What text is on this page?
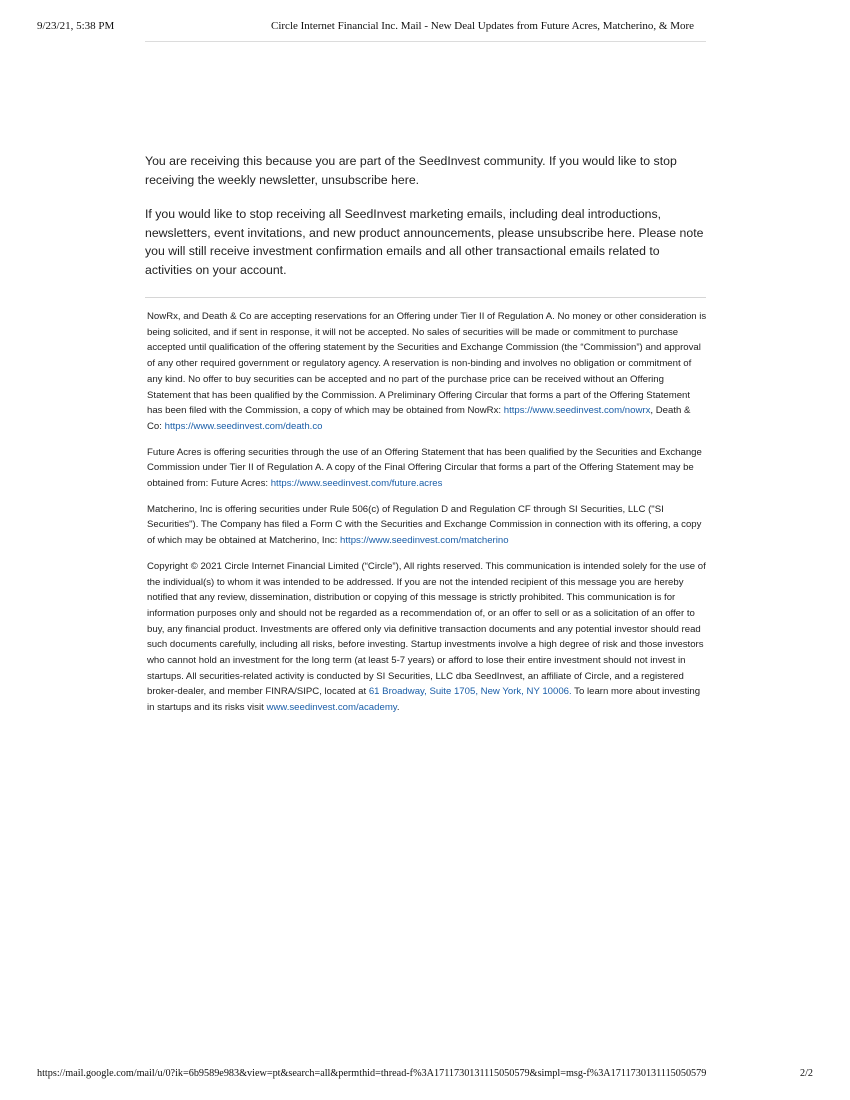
9/23/21, 5:38 PM	Circle Internet Financial Inc. Mail - New Deal Updates from Future Acres, Matcherino, & More

You are receiving this because you are part of the SeedInvest community. If you would like to stop receiving the weekly newsletter, unsubscribe here.

If you would like to stop receiving all SeedInvest marketing emails, including deal introductions, newsletters, event invitations, and new product announcements, please unsubscribe here. Please note you will still receive investment confirmation emails and all other transactional emails related to activities on your account.

NowRx, and Death & Co are accepting reservations for an Offering under Tier II of Regulation A. No money or other consideration is being solicited, and if sent in response, it will not be accepted. No sales of securities will be made or commitment to purchase accepted until qualification of the offering statement by the Securities and Exchange Commission (the “Commission”) and approval of any other required government or regulatory agency. A reservation is non-binding and involves no obligation or commitment of any kind. No offer to buy securities can be accepted and no part of the purchase price can be received without an Offering Statement that has been qualified by the Commission. A Preliminary Offering Circular that forms a part of the Offering Statement has been filed with the Commission, a copy of which may be obtained from NowRx: https://www.seedinvest.com/nowrx, Death & Co: https://www.seedinvest.com/death.co

Future Acres is offering securities through the use of an Offering Statement that has been qualified by the Securities and Exchange Commission under Tier II of Regulation A. A copy of the Final Offering Circular that forms a part of the Offering Statement may be obtained from: Future Acres: https://www.seedinvest.com/future.acres

Matcherino, Inc is offering securities under Rule 506(c) of Regulation D and Regulation CF through SI Securities, LLC ("SI Securities"). The Company has filed a Form C with the Securities and Exchange Commission in connection with its offering, a copy of which may be obtained at Matcherino, Inc: https://www.seedinvest.com/matcherino

Copyright © 2021 Circle Internet Financial Limited (“Circle”), All rights reserved. This communication is intended solely for the use of the individual(s) to whom it was intended to be addressed. If you are not the intended recipient of this message you are hereby notified that any review, dissemination, distribution or copying of this message is strictly prohibited. This communication is for information purposes only and should not be regarded as a recommendation of, or an offer to sell or as a solicitation of an offer to buy, any financial product. Investments are offered only via definitive transaction documents and any potential investor should read such documents carefully, including all risks, before investing. Startup investments involve a high degree of risk and those investors who cannot hold an investment for the long term (at least 5-7 years) or afford to lose their entire investment should not invest in startups. All securities-related activity is conducted by SI Securities, LLC dba SeedInvest, an affiliate of Circle, and a registered broker-dealer, and member FINRA/SIPC, located at 61 Broadway, Suite 1705, New York, NY 10006. To learn more about investing in startups and its risks visit www.seedinvest.com/academy.

https://mail.google.com/mail/u/0?ik=6b9589e983&view=pt&search=all&permthid=thread-f%3A1711730131115050579&simpl=msg-f%3A1711730131115050579	2/2
